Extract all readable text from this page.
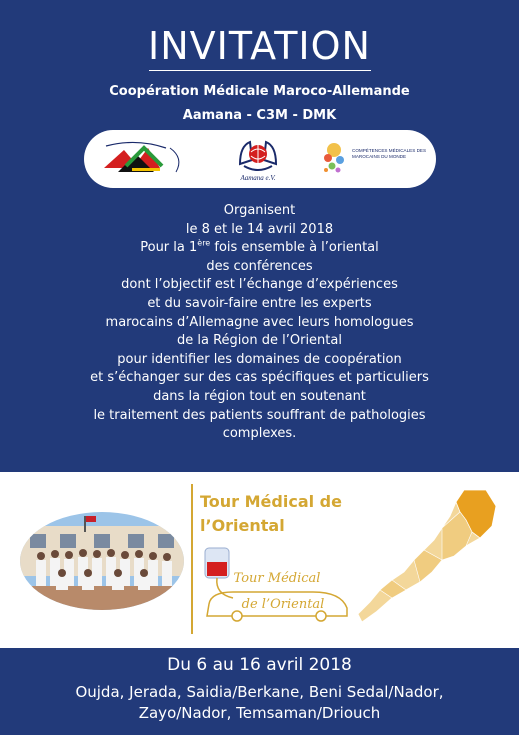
INVITATION
Coopération Médicale Maroco-Allemande
Aamana - C3M - DMK
Aamana e.V.
COMPÉTENCES MÉDICALES DES MAROCAINS DU MONDE
Organisent
le 8 et le 14 avril 2018
Pour la 1ère fois ensemble à l’oriental
des conférences
dont l’objectif est l’échange d’expériences
et du savoir-faire entre les experts
marocains d’Allemagne avec leurs homologues
de la Région de l’Oriental
pour identifier les domaines de coopération
et s’échanger sur des cas spécifiques et particuliers
dans la région tout en soutenant
le traitement des patients souffrant de pathologies
complexes.
Tour Médical de
l’Oriental
Tour Médical
de l’Oriental
Du 6 au 16 avril 2018
Oujda, Jerada, Saidia/Berkane, Beni Sedal/Nador,
Zayo/Nador, Temsaman/Driouch
